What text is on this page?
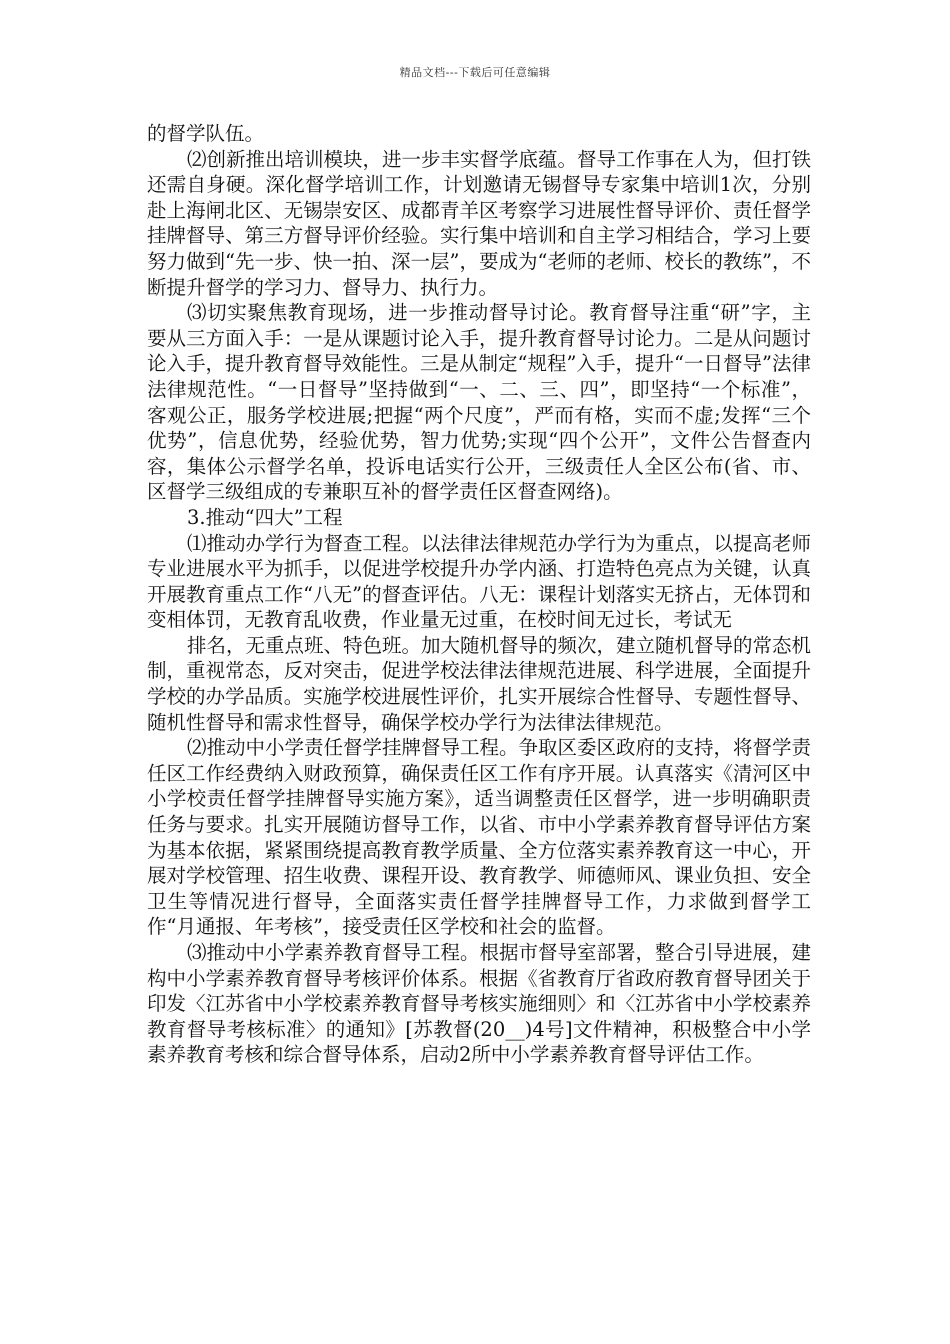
精品文档---下载后可任意编辑

的督学队伍。

⑵创新推出培训模块，进一步丰实督学底蕴。督导工作事在人为，但打铁还需自身硬。深化督学培训工作，计划邀请无锡督导专家集中培训1次，分别赴上海闸北区、无锡崇安区、成都青羊区考察学习进展性督导评价、责任督学挂牌督导、第三方督导评价经验。实行集中培训和自主学习相结合，学习上要努力做到“先一步、快一拍、深一层”，要成为“老师的老师、校长的教练”，不断提升督学的学习力、督导力、执行力。

⑶切实聚焦教育现场，进一步推动督导讨论。教育督导注重“研”字，主要从三方面入手：一是从课题讨论入手，提升教育督导讨论力。二是从问题讨论入手，提升教育督导效能性。三是从制定“规程”入手，提升“一日督导”法律法律规范性。“一日督导”坚持做到“一、二、三、四”，即坚持“一个标准”，客观公正，服务学校进展;把握“两个尺度”，严而有格，实而不虚;发挥“三个优势”，信息优势，经验优势，智力优势;实现“四个公开”，文件公告督查内容，集体公示督学名单，投诉电话实行公开，三级责任人全区公布(省、市、区督学三级组成的专兼职互补的督学责任区督查网络)。

3.推动“四大”工程

⑴推动办学行为督查工程。以法律法律规范办学行为为重点，以提高老师专业进展水平为抓手，以促进学校提升办学内涵、打造特色亮点为关键，认真开展教育重点工作“八无”的督查评估。八无：课程计划落实无挤占，无体罚和变相体罚，无教育乱收费，作业量无过重，在校时间无过长，考试无

排名，无重点班、特色班。加大随机督导的频次，建立随机督导的常态机制，重视常态，反对突击，促进学校法律法律规范进展、科学进展，全面提升学校的办学品质。实施学校进展性评价，扎实开展综合性督导、专题性督导、随机性督导和需求性督导，确保学校办学行为法律法律规范。

⑵推动中小学责任督学挂牌督导工程。争取区委区政府的支持，将督学责任区工作经费纳入财政预算，确保责任区工作有序开展。认真落实《清河区中小学校责任督学挂牌督导实施方案》，适当调整责任区督学，进一步明确职责任务与要求。扎实开展随访督导工作，以省、市中小学素养教育督导评估方案为基本依据，紧紧围绕提高教育教学质量、全方位落实素养教育这一中心，开展对学校管理、招生收费、课程开设、教育教学、师德师风、课业负担、安全卫生等情况进行督导，全面落实责任督学挂牌督导工作，力求做到督学工作“月通报、年考核”，接受责任区学校和社会的监督。

⑶推动中小学素养教育督导工程。根据市督导室部署，整合引导进展，建构中小学素养教育督导考核评价体系。根据《省教育厅省政府教育督导团关于印发〈江苏省中小学校素养教育督导考核实施细则〉和〈江苏省中小学校素养教育督导考核标准〉的通知》[苏教督(20__)4号]文件精神，积极整合中小学素养教育考核和综合督导体系，启动2所中小学素养教育督导评估工作。
